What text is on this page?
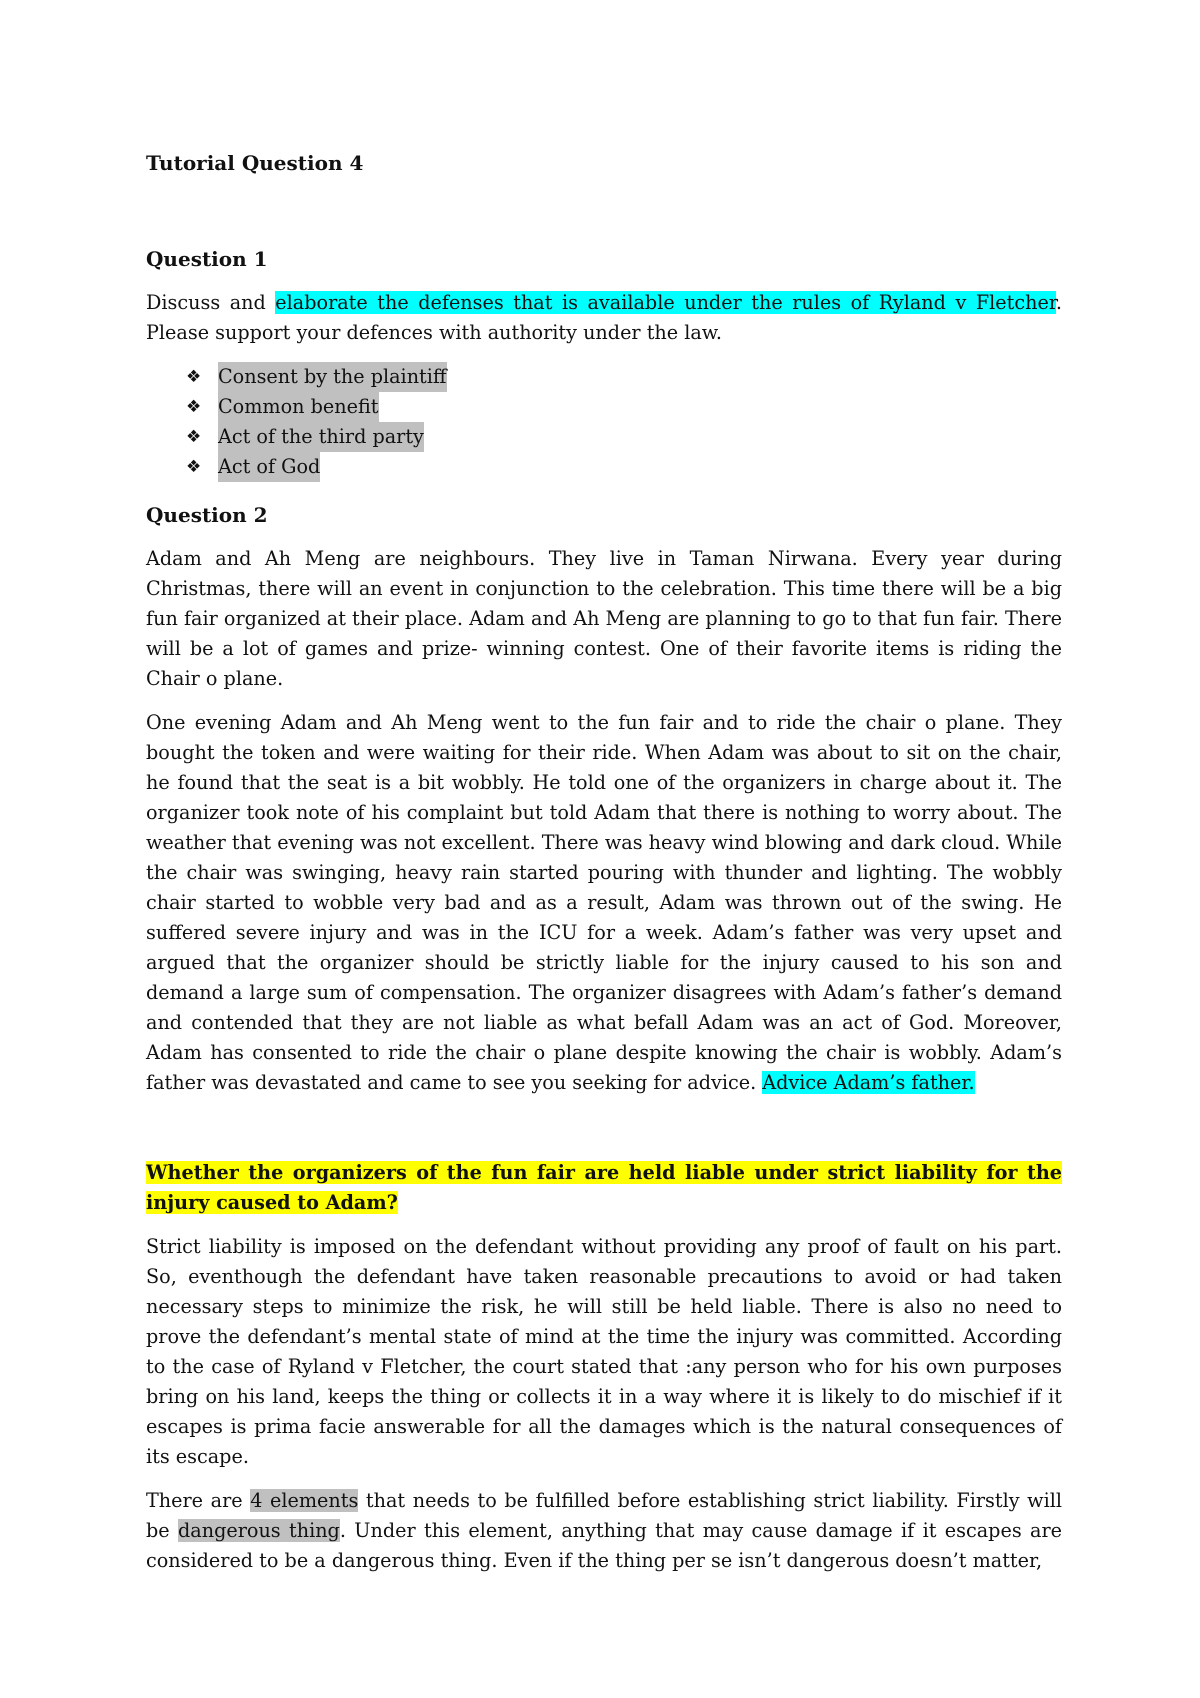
Tutorial Question 4
Question 1

Discuss and elaborate the defenses that is available under the rules of Ryland v Fletcher. Please support your defences with authority under the law.

❖ Consent by the plaintiff
❖ Common benefit
❖ Act of the third party
❖ Act of God
Question 2

Adam and Ah Meng are neighbours. They live in Taman Nirwana. Every year during Christmas, there will an event in conjunction to the celebration. This time there will be a big fun fair organized at their place. Adam and Ah Meng are planning to go to that fun fair. There will be a lot of games and prize- winning contest. One of their favorite items is riding the Chair o plane.

One evening Adam and Ah Meng went to the fun fair and to ride the chair o plane. They bought the token and were waiting for their ride. When Adam was about to sit on the chair, he found that the seat is a bit wobbly. He told one of the organizers in charge about it. The organizer took note of his complaint but told Adam that there is nothing to worry about. The weather that evening was not excellent. There was heavy wind blowing and dark cloud. While the chair was swinging, heavy rain started pouring with thunder and lighting. The wobbly chair started to wobble very bad and as a result, Adam was thrown out of the swing. He suffered severe injury and was in the ICU for a week. Adam’s father was very upset and argued that the organizer should be strictly liable for the injury caused to his son and demand a large sum of compensation. The organizer disagrees with Adam’s father’s demand and contended that they are not liable as what befall Adam was an act of God. Moreover, Adam has consented to ride the chair o plane despite knowing the chair is wobbly. Adam’s father was devastated and came to see you seeking for advice. Advice Adam’s father.

Whether the organizers of the fun fair are held liable under strict liability for the injury caused to Adam?

Strict liability is imposed on the defendant without providing any proof of fault on his part. So, eventhough the defendant have taken reasonable precautions to avoid or had taken necessary steps to minimize the risk, he will still be held liable. There is also no need to prove the defendant’s mental state of mind at the time the injury was committed. According to the case of Ryland v Fletcher, the court stated that :any person who for his own purposes bring on his land, keeps the thing or collects it in a way where it is likely to do mischief if it escapes is prima facie answerable for all the damages which is the natural consequences of its escape.

There are 4 elements that needs to be fulfilled before establishing strict liability. Firstly will be dangerous thing. Under this element, anything that may cause damage if it escapes are considered to be a dangerous thing. Even if the thing per se isn’t dangerous doesn’t matter,
